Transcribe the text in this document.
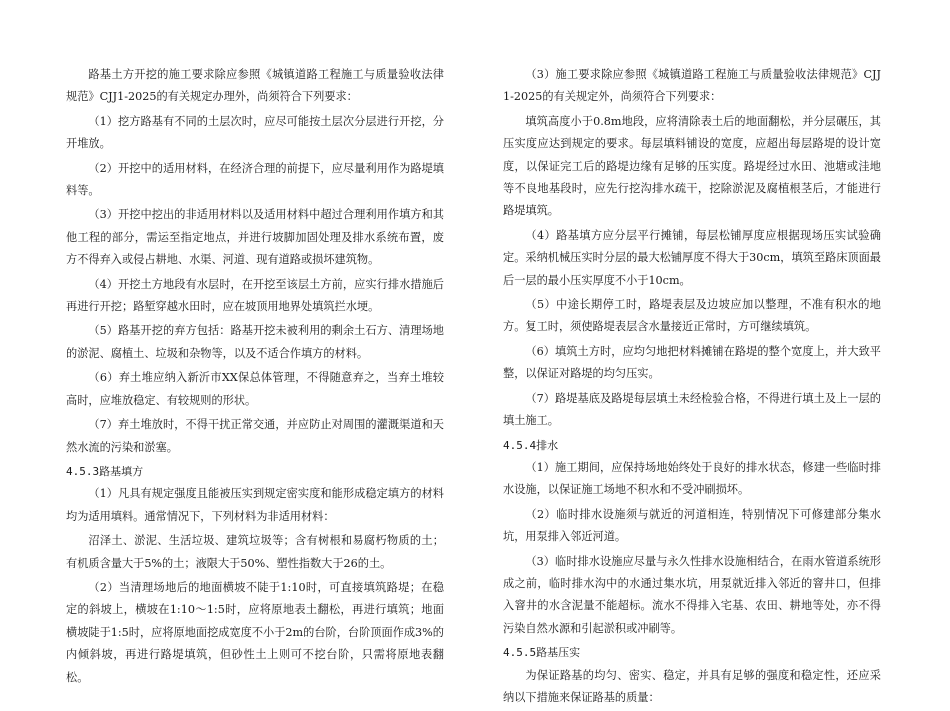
路基土方开挖的施工要求除应参照《城镇道路工程施工与质量验收法律规范》CJJ1-2025的有关规定办理外，尚须符合下列要求：

（1）挖方路基有不同的土层次时，应尽可能按土层次分层进行开挖，分开堆放。

（2）开挖中的适用材料，在经济合理的前提下，应尽量利用作为路堤填料等。

（3）开挖中挖出的非适用材料以及适用材料中超过合理利用作填方和其他工程的部分，需运至指定地点，并进行坡脚加固处理及排水系统布置，废方不得弃入或侵占耕地、水渠、河道、现有道路或损坏建筑物。

（4）开挖土方地段有水层时，在开挖至该层土方前，应实行排水措施后再进行开挖；路堑穿越水田时，应在坡顶用地界处填筑拦水埂。

（5）路基开挖的弃方包括：路基开挖未被利用的剩余土石方、清理场地的淤泥、腐植土、垃圾和杂物等，以及不适合作填方的材料。

（6）弃土堆应纳入新沂市XX保总体管理，不得随意弃之，当弃土堆较高时，应堆放稳定、有较规则的形状。

（7）弃土堆放时，不得干扰正常交通，并应防止对周围的灌溉渠道和天然水流的污染和淤塞。

4.5.3路基填方

（1）凡具有规定强度且能被压实到规定密实度和能形成稳定填方的材料均为适用填料。通常情况下，下列材料为非适用材料：

沼泽土、淤泥、生活垃圾、建筑垃圾等；含有树根和易腐朽物质的土；有机质含量大于5%的土；液限大于50%、塑性指数大于26的土。

（2）当清理场地后的地面横坡不陡于1:10时，可直接填筑路堤；在稳定的斜坡上，横坡在1:10～1:5时，应将原地表土翻松，再进行填筑；地面横坡陡于1:5时，应将原地面挖成宽度不小于2m的台阶，台阶顶面作成3%的内倾斜坡，再进行路堤填筑，但砂性土上则可不挖台阶，只需将原地表翻松。

（3）施工要求除应参照《城镇道路工程施工与质量验收法律规范》CJJ1-2025的有关规定外，尚须符合下列要求：

填筑高度小于0.8m地段，应将清除表土后的地面翻松，并分层碾压，其压实度应达到规定的要求。每层填料铺设的宽度，应超出每层路堤的设计宽度，以保证完工后的路堤边缘有足够的压实度。路堤经过水田、池塘或洼地等不良地基段时，应先行挖沟排水疏干，挖除淤泥及腐植根茎后，才能进行路堤填筑。

（4）路基填方应分层平行摊铺，每层松铺厚度应根据现场压实试验确定。采纳机械压实时分层的最大松铺厚度不得大于30cm，填筑至路床顶面最后一层的最小压实厚度不小于10cm。

（5）中途长期停工时，路堤表层及边坡应加以整理，不准有积水的地方。复工时，须使路堤表层含水量接近正常时，方可继续填筑。

（6）填筑土方时，应均匀地把材料摊铺在路堤的整个宽度上，并大致平整，以保证对路堤的均匀压实。

（7）路堤基底及路堤每层填土未经检验合格，不得进行填土及上一层的填土施工。

4.5.4排水

（1）施工期间，应保持场地始终处于良好的排水状态，修建一些临时排水设施，以保证施工场地不积水和不受冲刷损坏。

（2）临时排水设施须与就近的河道相连，特别情况下可修建部分集水坑，用泵排入邻近河道。

（3）临时排水设施应尽量与永久性排水设施相结合，在雨水管道系统形成之前，临时排水沟中的水通过集水坑，用泵就近排入邻近的窨井口，但排入窨井的水含泥量不能超标。流水不得排入宅基、农田、耕地等处，亦不得污染自然水源和引起淤积或冲刷等。

4.5.5路基压实

为保证路基的均匀、密实、稳定，并具有足够的强度和稳定性，还应采纳以下措施来保证路基的质量：
